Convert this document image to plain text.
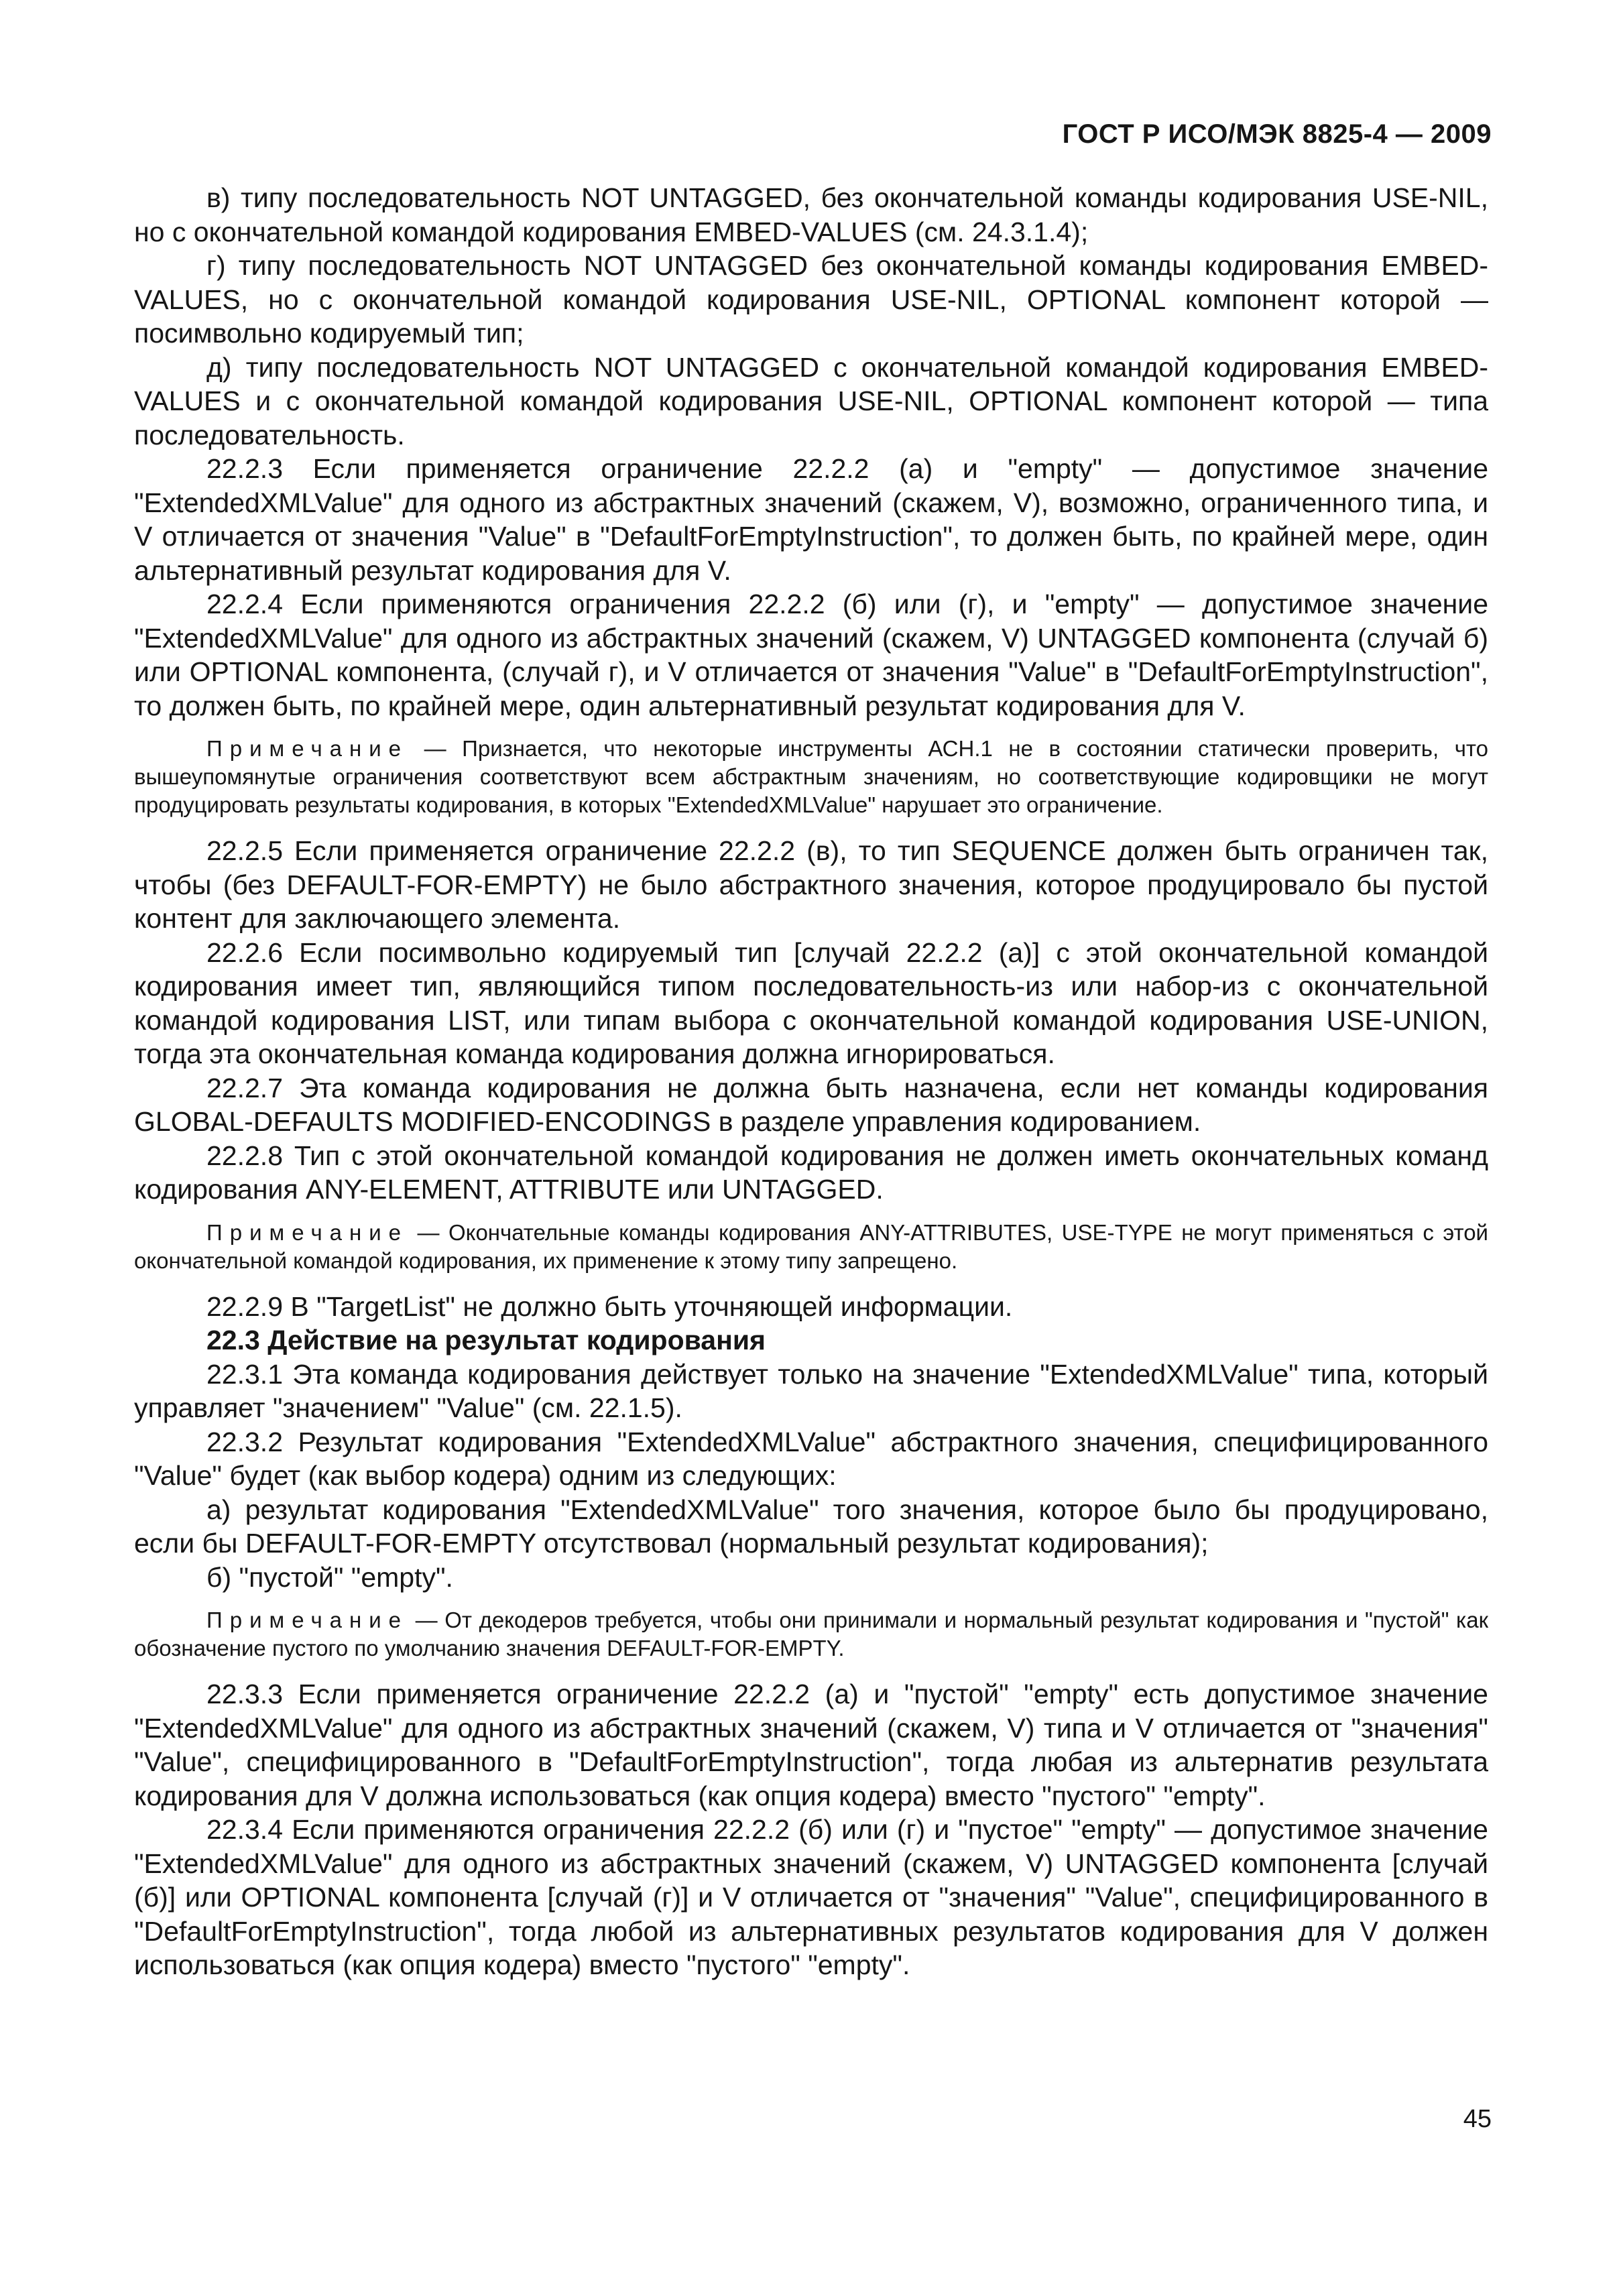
ГОСТ Р ИСО/МЭК 8825-4 — 2009

в) типу последовательность NOT UNTAGGED, без окончательной команды кодирования USE-NIL, но с окончательной командой кодирования EMBED-VALUES (см. 24.3.1.4);

г) типу последовательность NOT UNTAGGED без окончательной команды кодирования EMBED-VALUES, но с окончательной командой кодирования USE-NIL, OPTIONAL компонент которой — посимвольно кодируемый тип;

д) типу последовательность NOT UNTAGGED с окончательной командой кодирования EMBED-VALUES и с окончательной командой кодирования USE-NIL, OPTIONAL компонент которой — типа последовательность.

22.2.3 Если применяется ограничение 22.2.2 (а) и "empty" — допустимое значение "ExtendedXMLValue" для одного из абстрактных значений (скажем, V), возможно, ограниченного типа, и V отличается от значения "Value" в "DefaultForEmptyInstruction", то должен быть, по крайней мере, один альтернативный результат кодирования для V.

22.2.4 Если применяются ограничения 22.2.2 (б) или (г), и "empty" — допустимое значение "ExtendedXMLValue" для одного из абстрактных значений (скажем, V) UNTAGGED компонента (случай б) или OPTIONAL компонента, (случай г), и V отличается от значения "Value" в "DefaultForEmptyInstruction", то должен быть, по крайней мере, один альтернативный результат кодирования для V.

Примечание — Признается, что некоторые инструменты АСН.1 не в состоянии статически проверить, что вышеупомянутые ограничения соответствуют всем абстрактным значениям, но соответствующие кодировщики не могут продуцировать результаты кодирования, в которых "ExtendedXMLValue" нарушает это ограничение.

22.2.5 Если применяется ограничение 22.2.2 (в), то тип SEQUENCE должен быть ограничен так, чтобы (без DEFAULT-FOR-EMPTY) не было абстрактного значения, которое продуцировало бы пустой контент для заключающего элемента.

22.2.6 Если посимвольно кодируемый тип [случай 22.2.2 (а)] с этой окончательной командой кодирования имеет тип, являющийся типом последовательность-из или набор-из с окончательной командой кодирования LIST, или типам выбора с окончательной командой кодирования USE-UNION, тогда эта окончательная команда кодирования должна игнорироваться.

22.2.7 Эта команда кодирования не должна быть назначена, если нет команды кодирования GLOBAL-DEFAULTS MODIFIED-ENCODINGS в разделе управления кодированием.

22.2.8 Тип с этой окончательной командой кодирования не должен иметь окончательных команд кодирования ANY-ELEMENT, ATTRIBUTE или UNTAGGED.

Примечание — Окончательные команды кодирования ANY-ATTRIBUTES, USE-TYPE не могут применяться с этой окончательной командой кодирования, их применение к этому типу запрещено.

22.2.9 В "TargetList" не должно быть уточняющей информации.

22.3 Действие на результат кодирования

22.3.1 Эта команда кодирования действует только на значение "ExtendedXMLValue" типа, который управляет "значением" "Value" (см. 22.1.5).

22.3.2 Результат кодирования "ExtendedXMLValue" абстрактного значения, специфицированного "Value" будет (как выбор кодера) одним из следующих:

а) результат кодирования "ExtendedXMLValue" того значения, которое было бы продуцировано, если бы DEFAULT-FOR-EMPTY отсутствовал (нормальный результат кодирования);

б) "пустой" "empty".

Примечание — От декодеров требуется, чтобы они принимали и нормальный результат кодирования и "пустой" как обозначение пустого по умолчанию значения DEFAULT-FOR-EMPTY.

22.3.3 Если применяется ограничение 22.2.2 (а) и "пустой" "empty" есть допустимое значение "ExtendedXMLValue" для одного из абстрактных значений (скажем, V) типа и V отличается от "значения" "Value", специфицированного в "DefaultForEmptyInstruction", тогда любая из альтернатив результата кодирования для V должна использоваться (как опция кодера) вместо "пустого" "empty".

22.3.4 Если применяются ограничения 22.2.2 (б) или (г) и "пустое" "empty" — допустимое значение "ExtendedXMLValue" для одного из абстрактных значений (скажем, V) UNTAGGED компонента [случай (б)] или OPTIONAL компонента [случай (г)] и V отличается от "значения" "Value", специфицированного в "DefaultForEmptyInstruction", тогда любой из альтернативных результатов кодирования для V должен использоваться (как опция кодера) вместо "пустого" "empty".

45
